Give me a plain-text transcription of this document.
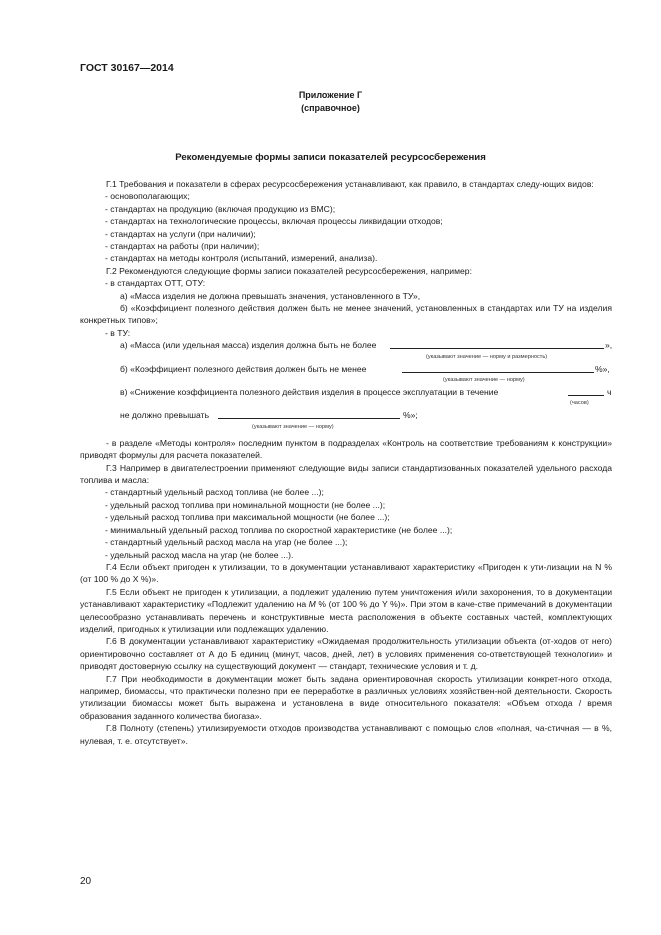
ГОСТ 30167—2014
Приложение Г
(справочное)
Рекомендуемые формы записи показателей ресурсосбережения

Г.1 Требования и показатели в сферах ресурсосбережения устанавливают, как правило, в стандартах следу-ющих видов:

- основополагающих;
- стандартах на продукцию (включая продукцию из ВМС);
- стандартах на технологические процессы, включая процессы ликвидации отходов;
- стандартах на услуги (при наличии);
- стандартах на работы (при наличии);
- стандартах на методы контроля (испытаний, измерений, анализа).

Г.2 Рекомендуются следующие формы записи показателей ресурсосбережения, например:

- в стандартах ОТТ, ОТУ:
а) «Масса изделия не должна превышать значения, установленного в ТУ»,

б) «Коэффициент полезного действия должен быть не менее значений, установленных в стандартах или ТУ на изделия конкретных типов»;

- в ТУ:
а) «Масса (или удельная масса) изделия должна быть не более	»,
(указывают значение — норму и размерность)
б) «Коэффициент полезного действия должен быть не менее	%»,
(указывают значение — норму)
в) «Снижение коэффициента полезного действия изделия в процессе эксплуатации в течение	ч
(часов)
не должно превышать	%»;
(указывают значение — норму)

- в разделе «Методы контроля» последним пунктом в подразделах «Контроль на соответствие требованиям к конструкции» приводят формулы для расчета показателей.

Г.3 Например в двигателестроении применяют следующие виды записи стандартизованных показателей удельного расхода топлива и масла:

- стандартный удельный расход топлива (не более ...);
- удельный расход топлива при номинальной мощности (не более ...);
- удельный расход топлива при максимальной мощности (не более ...);
- минимальный удельный расход топлива по скоростной характеристике (не более ...);
- стандартный удельный расход масла на угар (не более ...);
- удельный расход масла на угар (не более ...).

Г.4 Если объект пригоден к утилизации, то в документации устанавливают характеристику «Пригоден к ути-лизации на N % (от 100 % до X %)».

Г.5 Если объект не пригоден к утилизации, а подлежит удалению путем уничтожения и/или захоронения, то в документации устанавливают характеристику «Подлежит удалению на М % (от 100 % до Y %)». При этом в каче-стве примечаний в документации целесообразно устанавливать перечень и конструктивные места расположения в объекте составных частей, комплектующих изделий, пригодных к утилизации или подлежащих удалению.

Г.6 В документации устанавливают характеристику «Ожидаемая продолжительность утилизации объекта (от-ходов от него) ориентировочно составляет от А до Б единиц (минут, часов, дней, лет) в условиях применения со-ответствующей технологии» и приводят достоверную ссылку на существующий документ — стандарт, технические условия и т. д.

Г.7 При необходимости в документации может быть задана ориентировочная скорость утилизации конкрет-ного отхода, например, биомассы, что практически полезно при ее переработке в различных условиях хозяйствен-ной деятельности. Скорость утилизации биомассы может быть выражена и установлена в виде относительного показателя: «Объем отхода / время образования заданного количества биогаза».

Г.8 Полноту (степень) утилизируемости отходов производства устанавливают с помощью слов «полная, ча-стичная — в %, нулевая, т. е. отсутствует».

20
